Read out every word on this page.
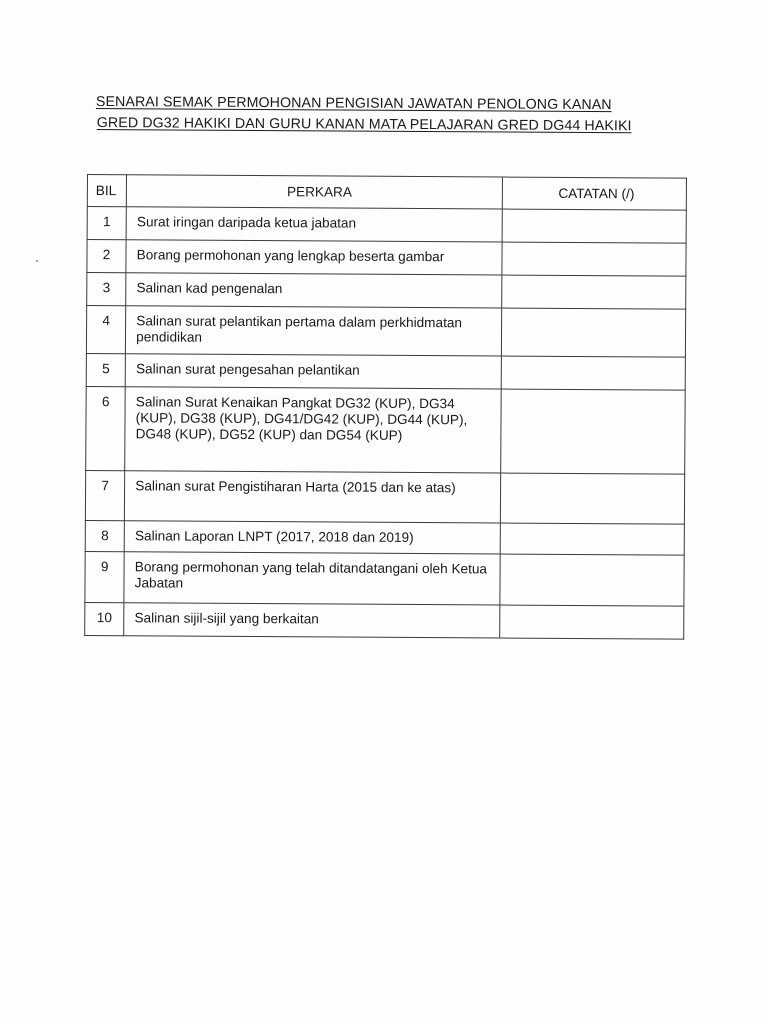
SENARAI SEMAK PERMOHONAN PENGISIAN JAWATAN PENOLONG KANAN
GRED DG32 HAKIKI DAN GURU KANAN MATA PELAJARAN GRED DG44 HAKIKI
BIL	PERKARA	CATATAN (/)
1	Surat iringan daripada ketua jabatan	
2	Borang permohonan yang lengkap beserta gambar	
3	Salinan kad pengenalan	
4	Salinan surat pelantikan pertama dalam perkhidmatan pendidikan	
5	Salinan surat pengesahan pelantikan	
6	Salinan Surat Kenaikan Pangkat DG32 (KUP), DG34 (KUP), DG38 (KUP), DG41/DG42 (KUP), DG44 (KUP), DG48 (KUP), DG52 (KUP) dan DG54 (KUP)	
7	Salinan surat Pengistiharan Harta (2015 dan ke atas)	
8	Salinan Laporan LNPT (2017, 2018 dan 2019)	
9	Borang permohonan yang telah ditandatangani oleh Ketua Jabatan	
10	Salinan sijil-sijil yang berkaitan	
